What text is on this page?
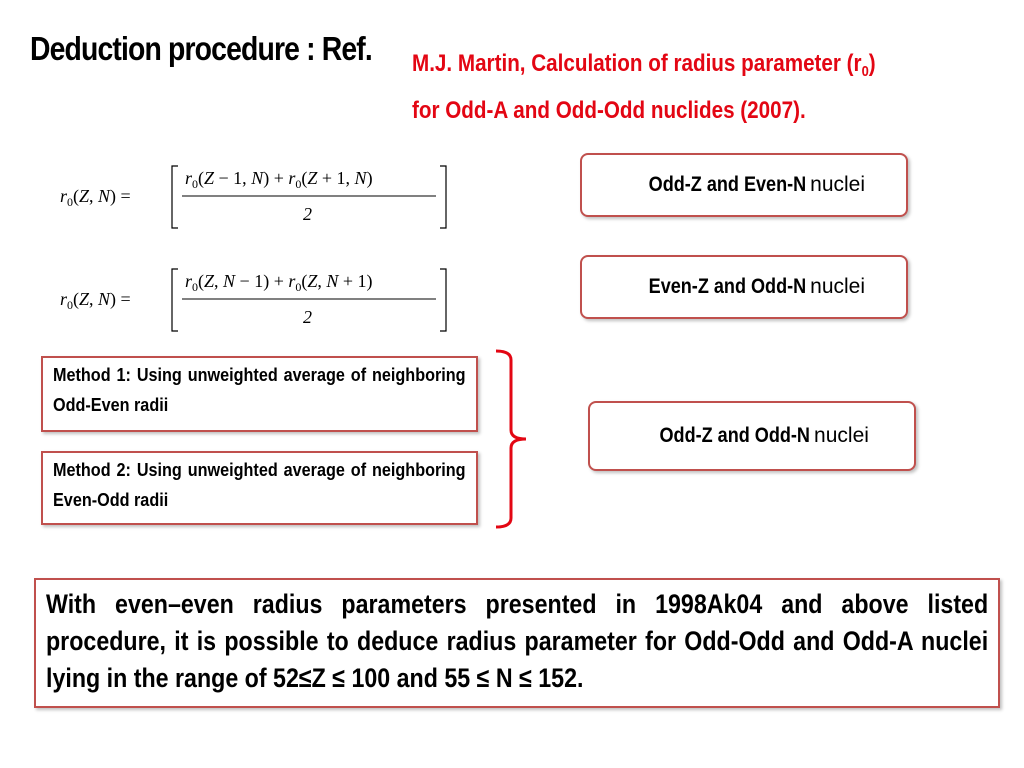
Deduction procedure : Ref.	M.J. Martin, Calculation of radius parameter $(r_0)$
for Odd-A and Odd-Odd nuclides (2007).
$r_0(Z$, N) =
$r_0(Z - 1$, $N) + r_0(Z + 1$, N)
2
$r_0(Z$, N) =
$r_0(Z$, $N - 1) + r_0(Z$, N + 1)
2
Odd-Z and Even-N nuclei
Even-Z and Odd-N nuclei
Odd-Z and Odd-N nuclei
Method 1: Using unweighted average of neighboring Odd-Even radii
Method 2: Using unweighted average of neighboring Even-Odd radii
With even–even radius parameters presented in 1998Ak04 and above listed procedure, it is possible to deduce radius parameter for Odd-Odd and Odd-A nuclei lying in the range of 52≤Z ≤ 100 and 55 ≤ N ≤ 152.
